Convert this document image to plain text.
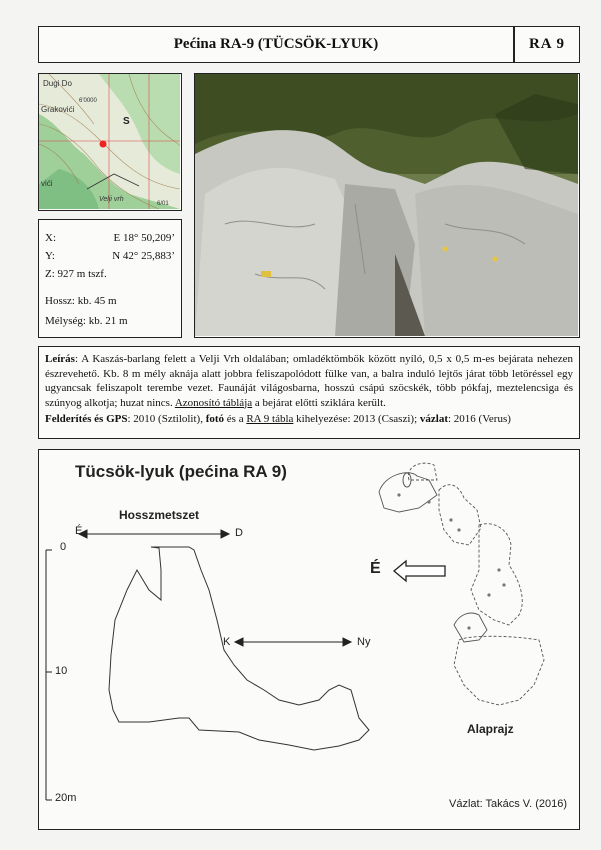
Pećina RA-9 (TÜCSÖK-LYUK)	RA 9
Dugi Do
6'0000
Grakovići
S
vići
Velji vrh
6/01
X:	E 18° 50,209’
Y:	N 42° 25,883’
Z: 927 m tszf.
Hossz: kb. 45 m
Mélység: kb. 21 m

Leírás: A Kaszás-barlang felett a Velji Vrh oldalában; omladéktömbök között nyíló, 0,5 x 0,5 m-es bejárata nehezen észrevehető. Kb. 8 m mély aknája alatt jobbra feliszapolódott fülke van, a balra induló lejtős járat több letöréssel egy ugyancsak feliszapolt terembe vezet. Faunáját világosbarna, hosszú csápú szöcskék, több pókfaj, meztelencsiga és szúnyog alkotja; huzat nincs. Azonosító táblája a bejárat előtti sziklára került.

Felderítés és GPS: 2010 (Sztilolit), fotó és a RA 9 tábla kihelyezése: 2013 (Csaszi); vázlat: 2016 (Verus)

Tücsök-lyuk (pećina RA 9)
Hosszmetszet
É	D
K	Ny
É
0
10
20m
Alaprajz
Vázlat: Takács V. (2016)
